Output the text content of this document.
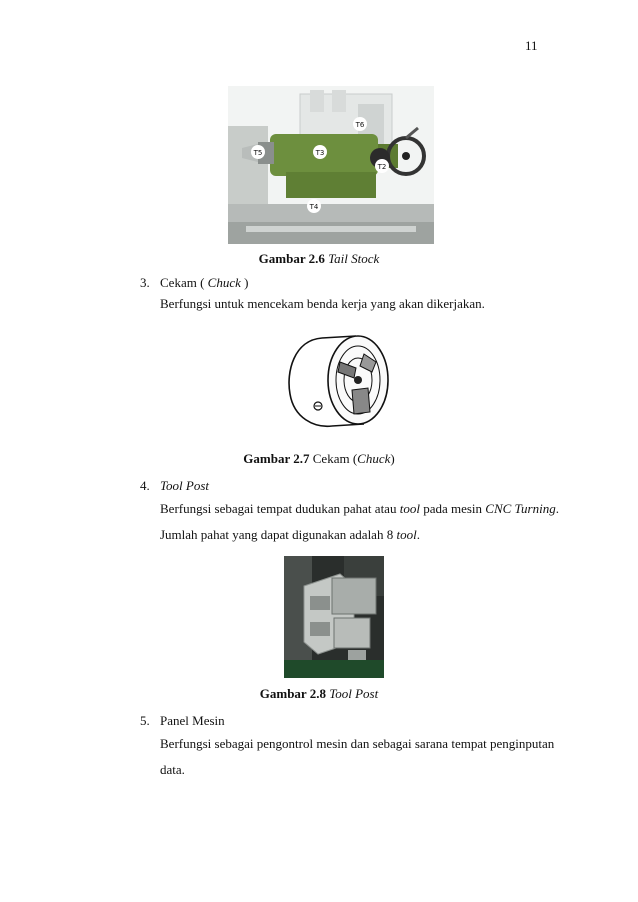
11
T3
T6
T4
T2
T5
Gambar 2.6 Tail Stock
3. Cekam ( Chuck )
Berfungsi untuk mencekam benda kerja yang akan dikerjakan.
Gambar 2.7 Cekam (Chuck)
4. Tool Post
Berfungsi sebagai tempat dudukan pahat atau tool pada mesin CNC Turning.
Jumlah pahat yang dapat digunakan adalah 8 tool.
Gambar 2.8 Tool Post
5. Panel Mesin
Berfungsi sebagai pengontrol mesin dan sebagai sarana tempat penginputan
data.
